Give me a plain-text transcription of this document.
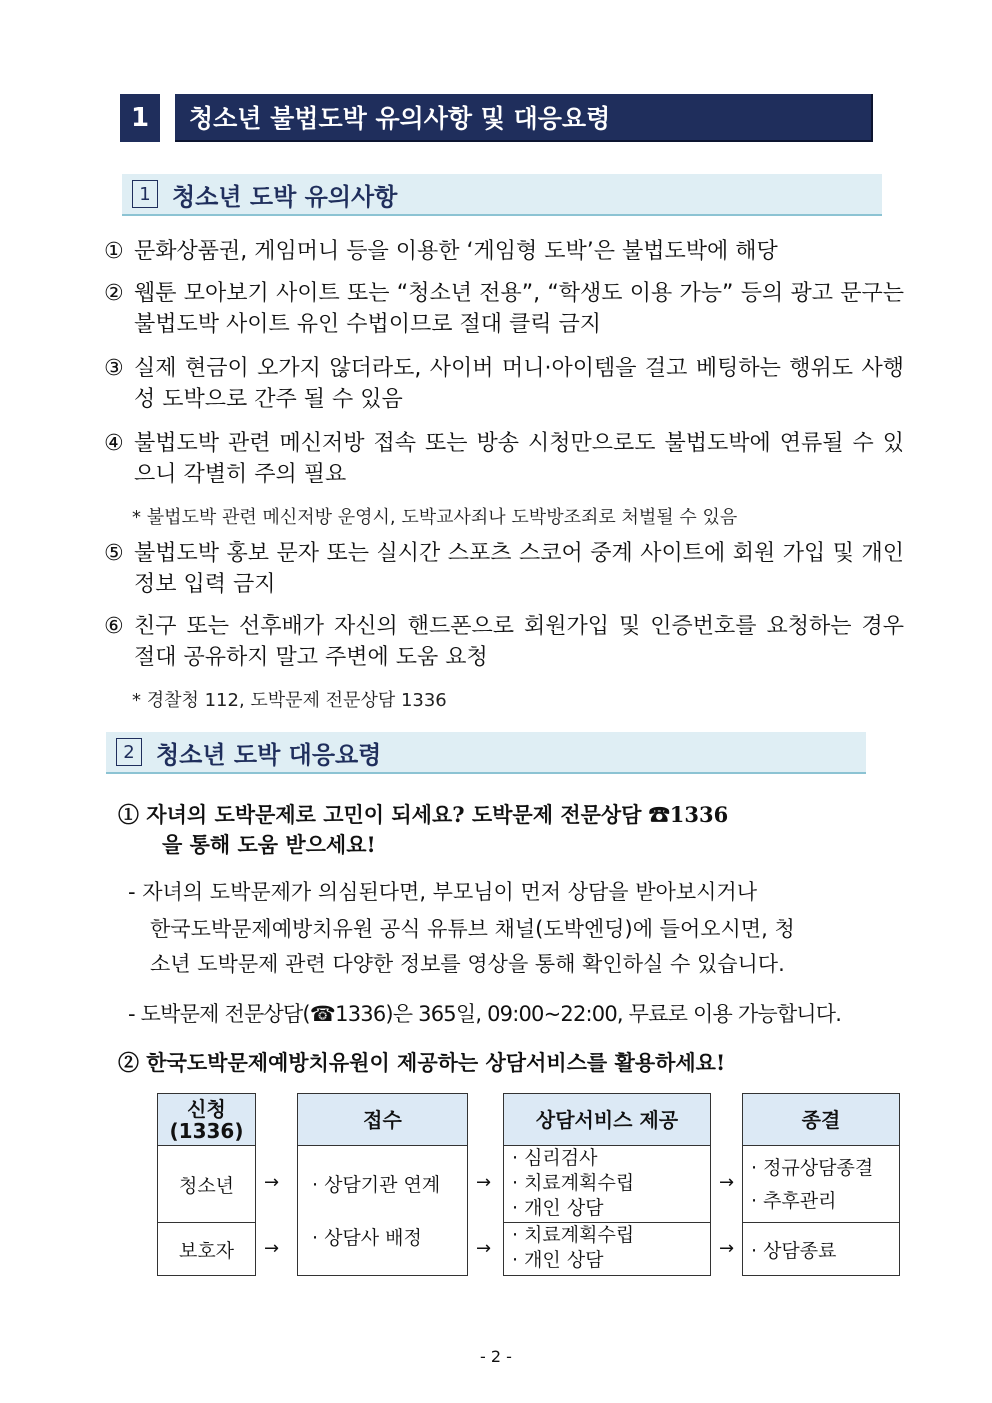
1	청소년 불법도박 유의사항 및 대응요령
1 청소년 도박 유의사항
① 문화상품권, 게임머니 등을 이용한 ‘게임형 도박’은 불법도박에 해당
② 웹툰 모아보기 사이트 또는 “청소년 전용”, “학생도 이용 가능” 등의 광고 문구는 불법도박 사이트 유인 수법이므로 절대 클릭 금지
③ 실제 현금이 오가지 않더라도, 사이버 머니·아이템을 걸고 베팅하는 행위도 사행성 도박으로 간주 될 수 있음
④ 불법도박 관련 메신저방 접속 또는 방송 시청만으로도 불법도박에 연류될 수 있으니 각별히 주의 필요
* 불법도박 관련 메신저방 운영시, 도박교사죄나 도박방조죄로 처벌될 수 있음
⑤ 불법도박 홍보 문자 또는 실시간 스포츠 스코어 중계 사이트에 회원 가입 및 개인정보 입력 금지
⑥ 친구 또는 선후배가 자신의 핸드폰으로 회원가입 및 인증번호를 요청하는 경우 절대 공유하지 말고 주변에 도움 요청
* 경찰청 112, 도박문제 전문상담 1336
2 청소년 도박 대응요령
① 자녀의 도박문제로 고민이 되세요? 도박문제 전문상담 ☎1336
을 통해 도움 받으세요!
- 자녀의 도박문제가 의심된다면, 부모님이 먼저 상담을 받아보시거나
한국도박문제예방치유원 공식 유튜브 채널(도박엔딩)에 들어오시면, 청
소년 도박문제 관련 다양한 정보를 영상을 통해 확인하실 수 있습니다.
- 도박문제 전문상담(☎1336)은 365일, 09:00~22:00, 무료로 이용 가능합니다.
② 한국도박문제예방치유원이 제공하는 상담서비스를 활용하세요!
신청
(1336)
청소년
보호자
→
→
접수
· 상담기관 연계
· 상담사 배정
→
→
상담서비스 제공
· 심리검사
· 치료계획수립
· 개인 상담
· 치료계획수립
· 개인 상담
→
→
종결
· 정규상담종결
· 추후관리
· 상담종료
- 2 -
